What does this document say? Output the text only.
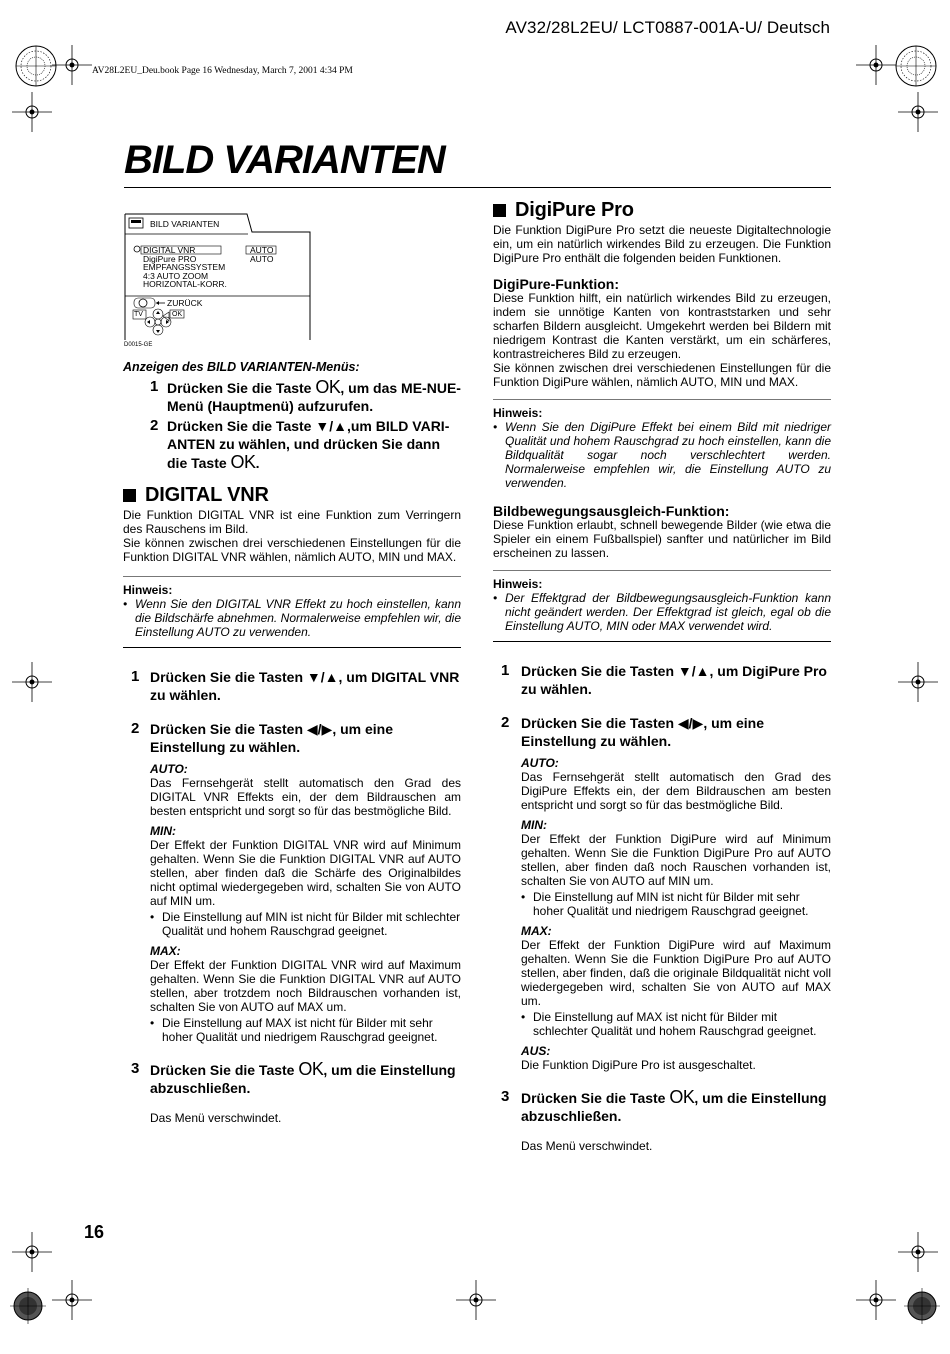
AV32/28L2EU/ LCT0887-001A-U/ Deutsch
AV28L2EU_Deu.book Page 16 Wednesday, March 7, 2001 4:34 PM
BILD VARIANTEN
BILD VARIANTEN
DIGITAL VNR
DigiPure PRO
EMPFANGSSYSTEM
4:3 AUTO ZOOM
HORIZONTAL-KORR.
AUTO
AUTO
ZURÜCK
TV	OK
D0015-GE
Anzeigen des BILD VARIANTEN-Menüs:
1 Drücken Sie die Taste OK, um das ME-NUE-Menü (Hauptmenü) aufzurufen.
2 Drücken Sie die Taste ▼/▲,um BILD VARI-ANTEN zu wählen, und drücken Sie dann die Taste OK.
DIGITAL VNR
Die Funktion DIGITAL VNR ist eine Funktion zum Verringern des Rauschens im Bild.
Sie können zwischen drei verschiedenen Einstellungen für die Funktion DIGITAL VNR wählen, nämlich AUTO, MIN und MAX.
Hinweis:
• Wenn Sie den DIGITAL VNR Effekt zu hoch einstellen, kann die Bildschärfe abnehmen. Normalerweise empfehlen wir, die Einstellung AUTO zu verwenden.
1 Drücken Sie die Tasten ▼/▲, um DIGITAL VNR zu wählen.
2 Drücken Sie die Tasten ◀/▶, um eine Einstellung zu wählen.
AUTO:
Das Fernsehgerät stellt automatisch den Grad des DIGITAL VNR Effekts ein, der dem Bildrauschen am besten entspricht und sorgt so für das bestmögliche Bild.
MIN:
Der Effekt der Funktion DIGITAL VNR wird auf Minimum gehalten. Wenn Sie die Funktion DIGITAL VNR auf AUTO stellen, aber finden daß die Schärfe des Originalbildes nicht optimal wiedergegeben wird, schalten Sie von AUTO auf MIN um.
• Die Einstellung auf MIN ist nicht für Bilder mit schlechter Qualität und hohem Rauschgrad geeignet.
MAX:
Der Effekt der Funktion DIGITAL VNR wird auf Maximum gehalten. Wenn Sie die Funktion DIGITAL VNR auf AUTO stellen, aber trotzdem noch Bildrauschen vorhanden ist, schalten Sie von AUTO auf MAX um.
• Die Einstellung auf MAX ist nicht für Bilder mit sehr hoher Qualität und niedrigem Rauschgrad geeignet.
3 Drücken Sie die Taste OK, um die Einstellung abzuschließen.
Das Menü verschwindet.
DigiPure Pro
Die Funktion DigiPure Pro setzt die neueste Digitaltechnologie ein, um ein natürlich wirkendes Bild zu erzeugen. Die Funktion DigiPure Pro enthält die folgenden beiden Funktionen.
DigiPure-Funktion:
Diese Funktion hilft, ein natürlich wirkendes Bild zu erzeugen, indem sie unnötige Kanten von kontraststarken und sehr scharfen Bildern ausgleicht. Umgekehrt werden bei Bildern mit niedrigem Kontrast die Kanten verstärkt, um ein schärferes, kontrastreicheres Bild zu erzeugen.
Sie können zwischen drei verschiedenen Einstellungen für die Funktion DigiPure wählen, nämlich AUTO, MIN und MAX.
Hinweis:
• Wenn Sie den DigiPure Effekt bei einem Bild mit niedriger Qualität und hohem Rauschgrad zu hoch einstellen, kann die Bildqualität sogar noch verschlechtert werden. Normalerweise empfehlen wir, die Einstellung AUTO zu verwenden.
Bildbewegungsausgleich-Funktion:
Diese Funktion erlaubt, schnell bewegende Bilder (wie etwa die Spieler ein einem Fußballspiel) sanfter und natürlicher im Bild erscheinen zu lassen.
Hinweis:
• Der Effektgrad der Bildbewegungsausgleich-Funktion kann nicht geändert werden. Der Effektgrad ist gleich, egal ob die Einstellung AUTO, MIN oder MAX verwendet wird.
1 Drücken Sie die Tasten ▼/▲, um DigiPure Pro zu wählen.
2 Drücken Sie die Tasten ◀/▶, um eine Einstellung zu wählen.
AUTO:
Das Fernsehgerät stellt automatisch den Grad des DigiPure Effekts ein, der dem Bildrauschen am besten entspricht und sorgt so für das bestmögliche Bild.
MIN:
Der Effekt der Funktion DigiPure wird auf Minimum gehalten. Wenn Sie die Funktion DigiPure Pro auf AUTO stellen, aber finden daß noch Rauschen vorhanden ist, schalten Sie von AUTO auf MIN um.
• Die Einstellung auf MIN ist nicht für Bilder mit sehr hoher Qualität und niedrigem Rauschgrad geeignet.
MAX:
Der Effekt der Funktion DigiPure wird auf Maximum gehalten. Wenn Sie die Funktion DigiPure Pro auf AUTO stellen, aber finden, daß die originale Bildqualität nicht voll wiedergegeben wird, schalten Sie von AUTO auf MAX um.
• Die Einstellung auf MAX ist nicht für Bilder mit schlechter Qualität und hohem Rauschgrad geeignet.
AUS:
Die Funktion DigiPure Pro ist ausgeschaltet.
3 Drücken Sie die Taste OK, um die Einstellung abzuschließen.
Das Menü verschwindet.
16
